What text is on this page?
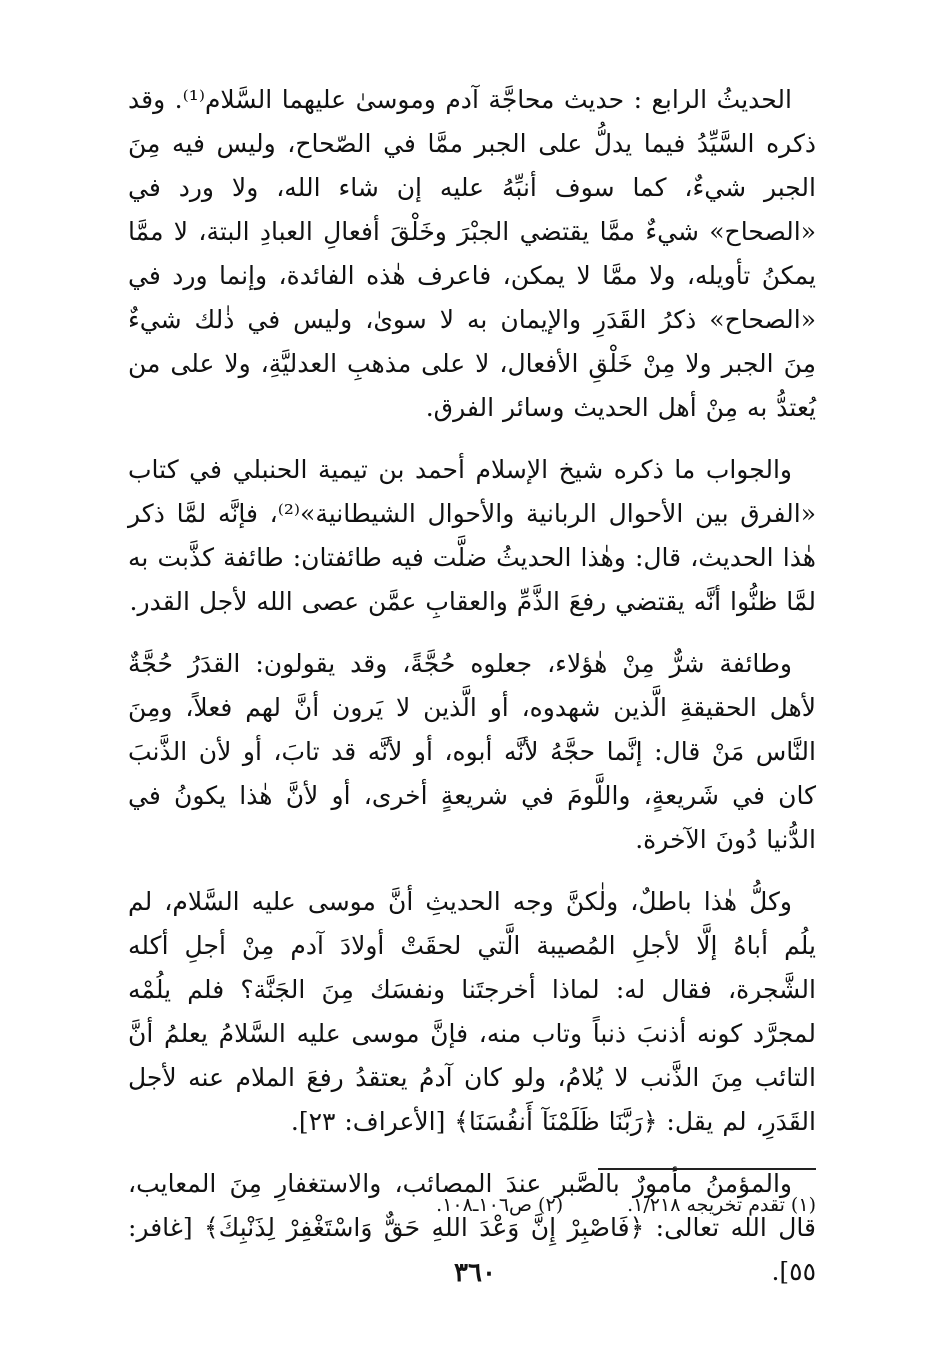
الحديثُ الرابع : حديث محاجَّة آدم وموسىٰ عليهما السَّلام⁽¹⁾. وقد ذكره السَّيِّدُ فيما يدلُّ على الجبر ممَّا في الصّحاح، وليس فيه مِنَ الجبر شيءٌ، كما سوف أنبِّهُ عليه إن شاء الله، ولا ورد في «الصحاح» شيءٌ ممَّا يقتضي الجبْرَ وخَلْقَ أفعالِ العبادِ البتة، لا ممَّا يمكنُ تأويله، ولا ممَّا لا يمكن، فاعرف هٰذه الفائدة، وإنما ورد في «الصحاح» ذكرُ القَدَرِ والإيمان به لا سوىٰ، وليس في ذٰلك شيءٌ مِنَ الجبر ولا مِنْ خَلْقِ الأفعال، لا على مذهبِ العدليَّةِ، ولا على من يُعتدُّ به مِنْ أهل الحديث وسائر الفرق.

والجواب ما ذكره شيخ الإسلام أحمد بن تيمية الحنبلي في كتاب «الفرق بين الأحوال الربانية والأحوال الشيطانية»⁽²⁾، فإنَّه لمَّا ذكر هٰذا الحديث، قال: وهٰذا الحديثُ ضلَّت فيه طائفتان: طائفة كذَّبت به لمَّا ظنُّوا أنَّه يقتضي رفعَ الذَّمِّ والعقابِ عمَّن عصى الله لأجل القدر.

وطائفة شرٌّ مِنْ هٰؤلاء، جعلوه حُجَّةً، وقد يقولون: القدَرُ حُجَّةٌ لأهل الحقيقةِ الَّذين شهدوه، أو الَّذين لا يَرون أنَّ لهم فعلاً، ومِنَ النَّاس مَنْ قال: إنَّما حجَّهُ لأنَّه أبوه، أو لأنَّه قد تابَ، أو لأن الذَّنبَ كان في شَريعةٍ، واللَّومَ في شريعةٍ أخرى، أو لأنَّ هٰذا يكونُ في الدُّنيا دُونَ الآخرة.

وكلُّ هٰذا باطلٌ، ولٰكنَّ وجه الحديثِ أنَّ موسى عليه السَّلام، لم يلُم أباهُ إلَّا لأجلِ المُصيبة الَّتي لحقَتْ أولادَ آدم مِنْ أجلِ أكله الشَّجرة، فقال له: لماذا أخرجتَنا ونفسَك مِنَ الجَنَّة؟ فلم يلُمْه لمجرَّد كونه أذنبَ ذنباً وتاب منه، فإنَّ موسى عليه السَّلامُ يعلمُ أنَّ التائب مِنَ الذَّنب لا يُلامُ، ولو كان آدمُ يعتقدُ رفعَ الملام عنه لأجل القَدَرِ، لم يقل: ﴿رَبَّنَا ظَلَمْنَآ أَنفُسَنَا﴾ [الأعراف: ٢٣].

والمؤمنُ مأمورٌ بالصَّبر عندَ المصائب، والاستغفارِ مِنَ المعايب، قال الله تعالى: ﴿فَاصْبِرْ إِنَّ وَعْدَ اللهِ حَقٌّ وَاسْتَغْفِرْ لِذَنْبِكَ﴾ [غافر: ٥٥].

(١) تقدم تخريجه ١/٢١٨.
(٢) ص١٠٦ـ١٠٨.
٣٦٠
